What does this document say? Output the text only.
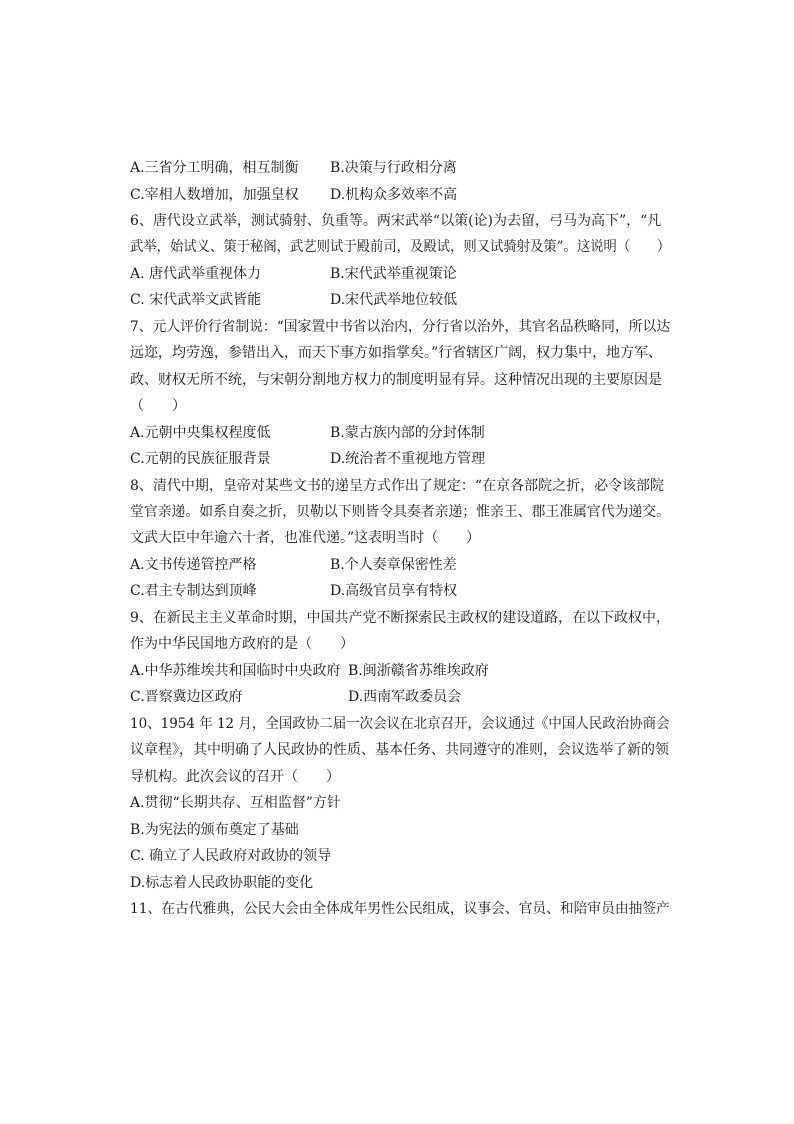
A.三省分工明确，相互制衡 B.决策与行政相分离
C.宰相人数增加，加强皇权 D.机构众多效率不高
6、唐代设立武举，测试骑射、负重等。两宋武举“以策(论)为去留，弓马为高下”，“凡
武举，始试义、策于秘阁，武艺则试于殿前司，及殿试，则又试骑射及策”。这说明（　　）
A. 唐代武举重视体力	B.宋代武举重视策论
C. 宋代武举文武皆能	D.宋代武举地位较低
7、元人评价行省制说：“国家置中书省以治内，分行省以治外，其官名品秩略同，所以达
远迩，均劳逸，参错出入，而天下事方如指掌矣。”行省辖区广阔，权力集中，地方军、
政、财权无所不统，与宋朝分割地方权力的制度明显有异。这种情况出现的主要原因是
（　　）
A.元朝中央集权程度低	B.蒙古族内部的分封体制
C.元朝的民族征服背景	D.统治者不重视地方管理
8、清代中期，皇帝对某些文书的递呈方式作出了规定：“在京各部院之折，必令该部院
堂官亲递。如系自奏之折，贝勒以下则皆令具奏者亲递；惟亲王、郡王准属官代为递交。
文武大臣中年逾六十者，也准代递。”这表明当时（　　）
A.文书传递管控严格	B.个人奏章保密性差
C.君主专制达到顶峰	D.高级官员享有特权
9、在新民主主义革命时期，中国共产党不断探索民主政权的建设道路，在以下政权中，
作为中华民国地方政府的是（　　）
A.中华苏维埃共和国临时中央政府 B.闽浙赣省苏维埃政府
C.晋察冀边区政府	D.西南军政委员会
10、1954 年 12 月，全国政协二届一次会议在北京召开，会议通过《中国人民政治协商会
议章程》，其中明确了人民政协的性质、基本任务、共同遵守的准则，会议选举了新的领
导机构。此次会议的召开（　　）
A.贯彻“长期共存、互相监督”方针
B.为宪法的颁布奠定了基础
C. 确立了人民政府对政协的领导
D.标志着人民政协职能的变化
11、在古代雅典，公民大会由全体成年男性公民组成，议事会、官员、和陪审员由抽签产
